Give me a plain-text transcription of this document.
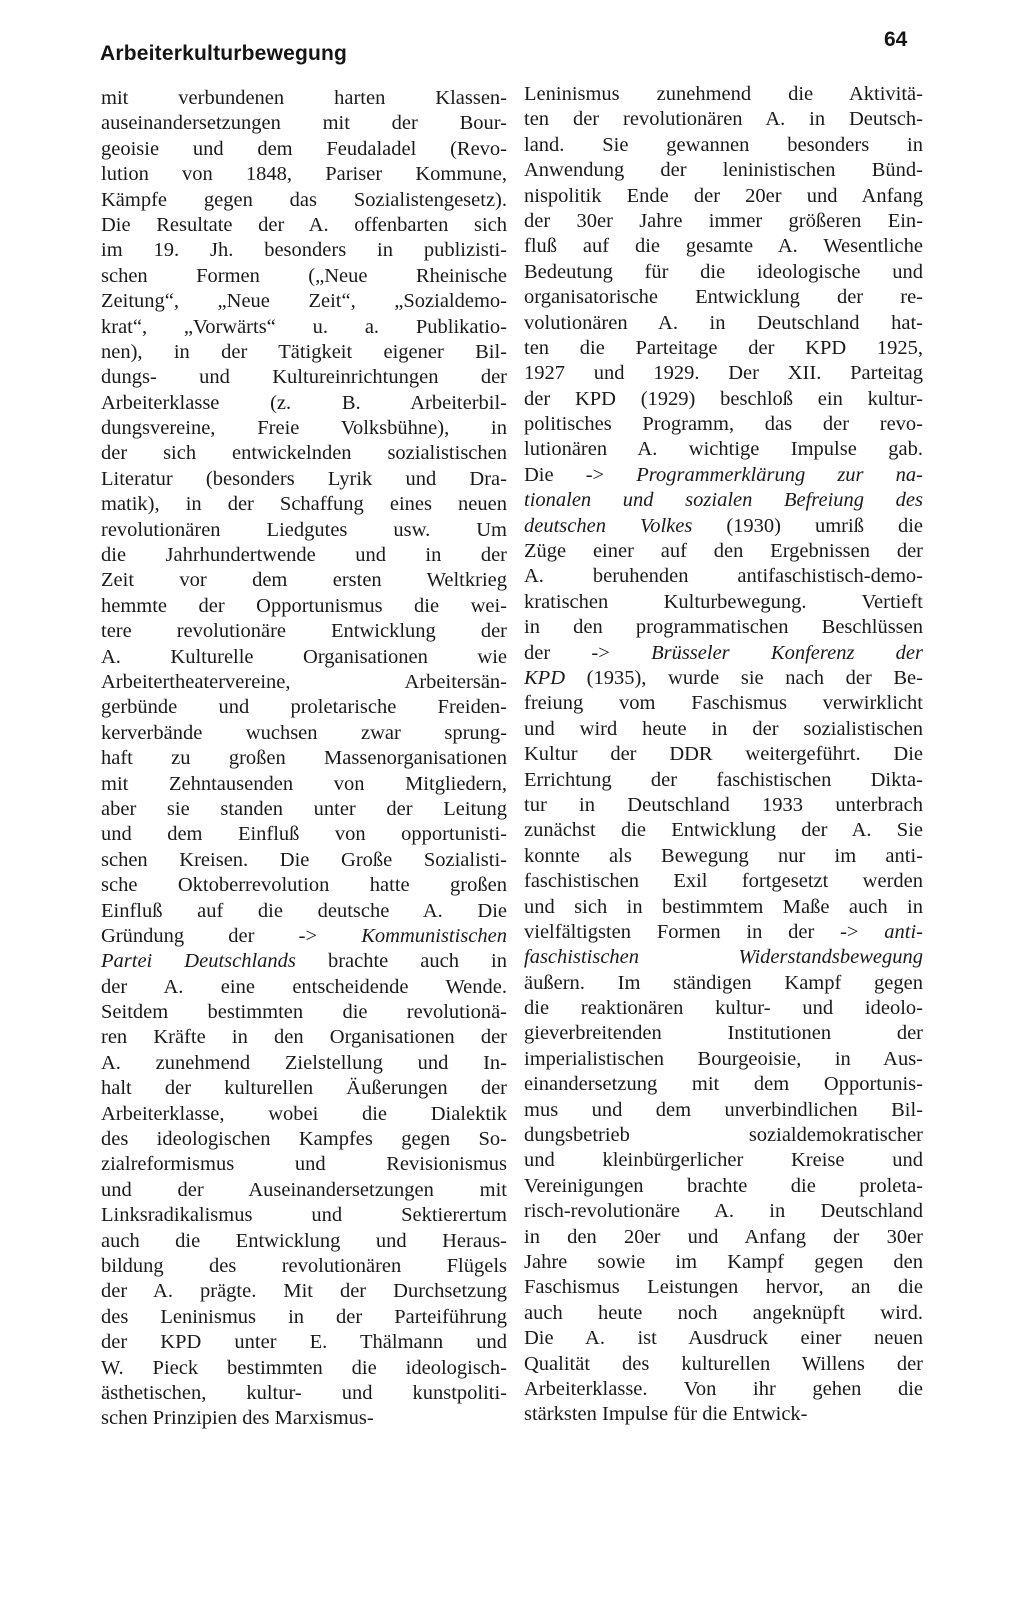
Arbeiterkulturbewegung
64
mit verbundenen harten Klassen-
auseinandersetzungen mit der Bour-
geoisie und dem Feudaladel (Revo-
lution von 1848, Pariser Kommune,
Kämpfe gegen das Sozialistengesetz).
Die Resultate der A. offenbarten sich
im 19. Jh. besonders in publizisti-
schen Formen („Neue Rheinische
Zeitung“, „Neue Zeit“, „Sozialdemo-
krat“, „Vorwärts“ u. a. Publikatio-
nen), in der Tätigkeit eigener Bil-
dungs- und Kultureinrichtungen der
Arbeiterklasse (z. B. Arbeiterbil-
dungsvereine, Freie Volksbühne), in
der sich entwickelnden sozialistischen
Literatur (besonders Lyrik und Dra-
matik), in der Schaffung eines neuen
revolutionären Liedgutes usw. Um
die Jahrhundertwende und in der
Zeit vor dem ersten Weltkrieg
hemmte der Opportunismus die wei-
tere revolutionäre Entwicklung der
A. Kulturelle Organisationen wie
Arbeitertheatervereine, Arbeitersän-
gerbünde und proletarische Freiden-
kerverbände wuchsen zwar sprung-
haft zu großen Massenorganisationen
mit Zehntausenden von Mitgliedern,
aber sie standen unter der Leitung
und dem Einfluß von opportunisti-
schen Kreisen. Die Große Sozialisti-
sche Oktoberrevolution hatte großen
Einfluß auf die deutsche A. Die
Gründung der -> Kommunistischen
Partei Deutschlands brachte auch in
der A. eine entscheidende Wende.
Seitdem bestimmten die revolutionä-
ren Kräfte in den Organisationen der
A. zunehmend Zielstellung und In-
halt der kulturellen Äußerungen der
Arbeiterklasse, wobei die Dialektik
des ideologischen Kampfes gegen So-
zialreformismus und Revisionismus
und der Auseinandersetzungen mit
Linksradikalismus und Sektierertum
auch die Entwicklung und Heraus-
bildung des revolutionären Flügels
der A. prägte. Mit der Durchsetzung
des Leninismus in der Parteiführung
der KPD unter E. Thälmann und
W. Pieck bestimmten die ideologisch-
ästhetischen, kultur- und kunstpoliti-
schen Prinzipien des Marxismus-
Leninismus zunehmend die Aktivitä-
ten der revolutionären A. in Deutsch-
land. Sie gewannen besonders in
Anwendung der leninistischen Bünd-
nispolitik Ende der 20er und Anfang
der 30er Jahre immer größeren Ein-
fluß auf die gesamte A. Wesentliche
Bedeutung für die ideologische und
organisatorische Entwicklung der re-
volutionären A. in Deutschland hat-
ten die Parteitage der KPD 1925,
1927 und 1929. Der XII. Parteitag
der KPD (1929) beschloß ein kultur-
politisches Programm, das der revo-
lutionären A. wichtige Impulse gab.
Die -> Programmerklärung zur na-
tionalen und sozialen Befreiung des
deutschen Volkes (1930) umriß die
Züge einer auf den Ergebnissen der
A. beruhenden antifaschistisch-demo-
kratischen Kulturbewegung. Vertieft
in den programmatischen Beschlüssen
der -> Brüsseler Konferenz der
KPD (1935), wurde sie nach der Be-
freiung vom Faschismus verwirklicht
und wird heute in der sozialistischen
Kultur der DDR weitergeführt. Die
Errichtung der faschistischen Dikta-
tur in Deutschland 1933 unterbrach
zunächst die Entwicklung der A. Sie
konnte als Bewegung nur im anti-
faschistischen Exil fortgesetzt werden
und sich in bestimmtem Maße auch in
vielfältigsten Formen in der -> anti-
faschistischen Widerstandsbewegung
äußern. Im ständigen Kampf gegen
die reaktionären kultur- und ideolo-
gieverbreitenden Institutionen der
imperialistischen Bourgeoisie, in Aus-
einandersetzung mit dem Opportunis-
mus und dem unverbindlichen Bil-
dungsbetrieb sozialdemokratischer
und kleinbürgerlicher Kreise und
Vereinigungen brachte die proleta-
risch-revolutionäre A. in Deutschland
in den 20er und Anfang der 30er
Jahre sowie im Kampf gegen den
Faschismus Leistungen hervor, an die
auch heute noch angeknüpft wird.
Die A. ist Ausdruck einer neuen
Qualität des kulturellen Willens der
Arbeiterklasse. Von ihr gehen die
stärksten Impulse für die Entwick-
